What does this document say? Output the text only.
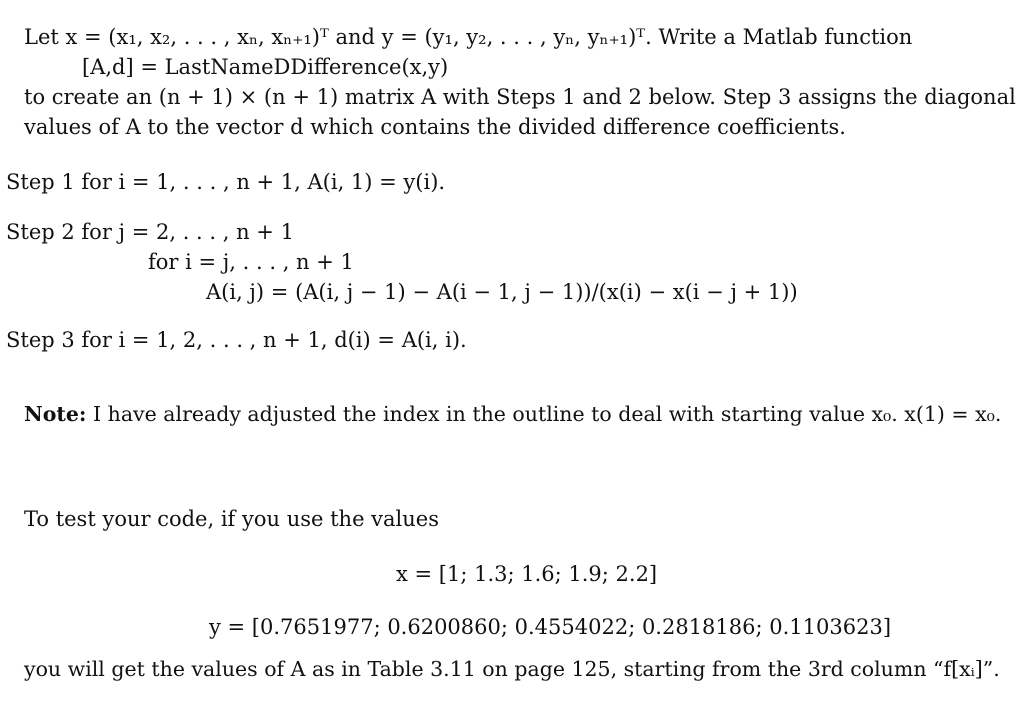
Let x = (x₁, x₂, . . . , xₙ, xₙ₊₁)ᵀ and y = (y₁, y₂, . . . , yₙ, yₙ₊₁)ᵀ. Write a Matlab function
[A,d] = LastNameDDifference(x,y)
to create an (n + 1) × (n + 1) matrix A with Steps 1 and 2 below. Step 3 assigns the diagonal
values of A to the vector d which contains the divided difference coefficients.
Step 1 for i = 1, . . . , n + 1, A(i, 1) = y(i).
Step 2 for j = 2, . . . , n + 1
for i = j, . . . , n + 1
A(i, j) = (A(i, j − 1) − A(i − 1, j − 1))/(x(i) − x(i − j + 1))
Step 3 for i = 1, 2, . . . , n + 1, d(i) = A(i, i).
Note: I have already adjusted the index in the outline to deal with starting value x₀. x(1) = x₀.
To test your code, if you use the values
x = [1; 1.3; 1.6; 1.9; 2.2]
y = [0.7651977; 0.6200860; 0.4554022; 0.2818186; 0.1103623]
you will get the values of A as in Table 3.11 on page 125, starting from the 3rd column “f[xᵢ]”.
